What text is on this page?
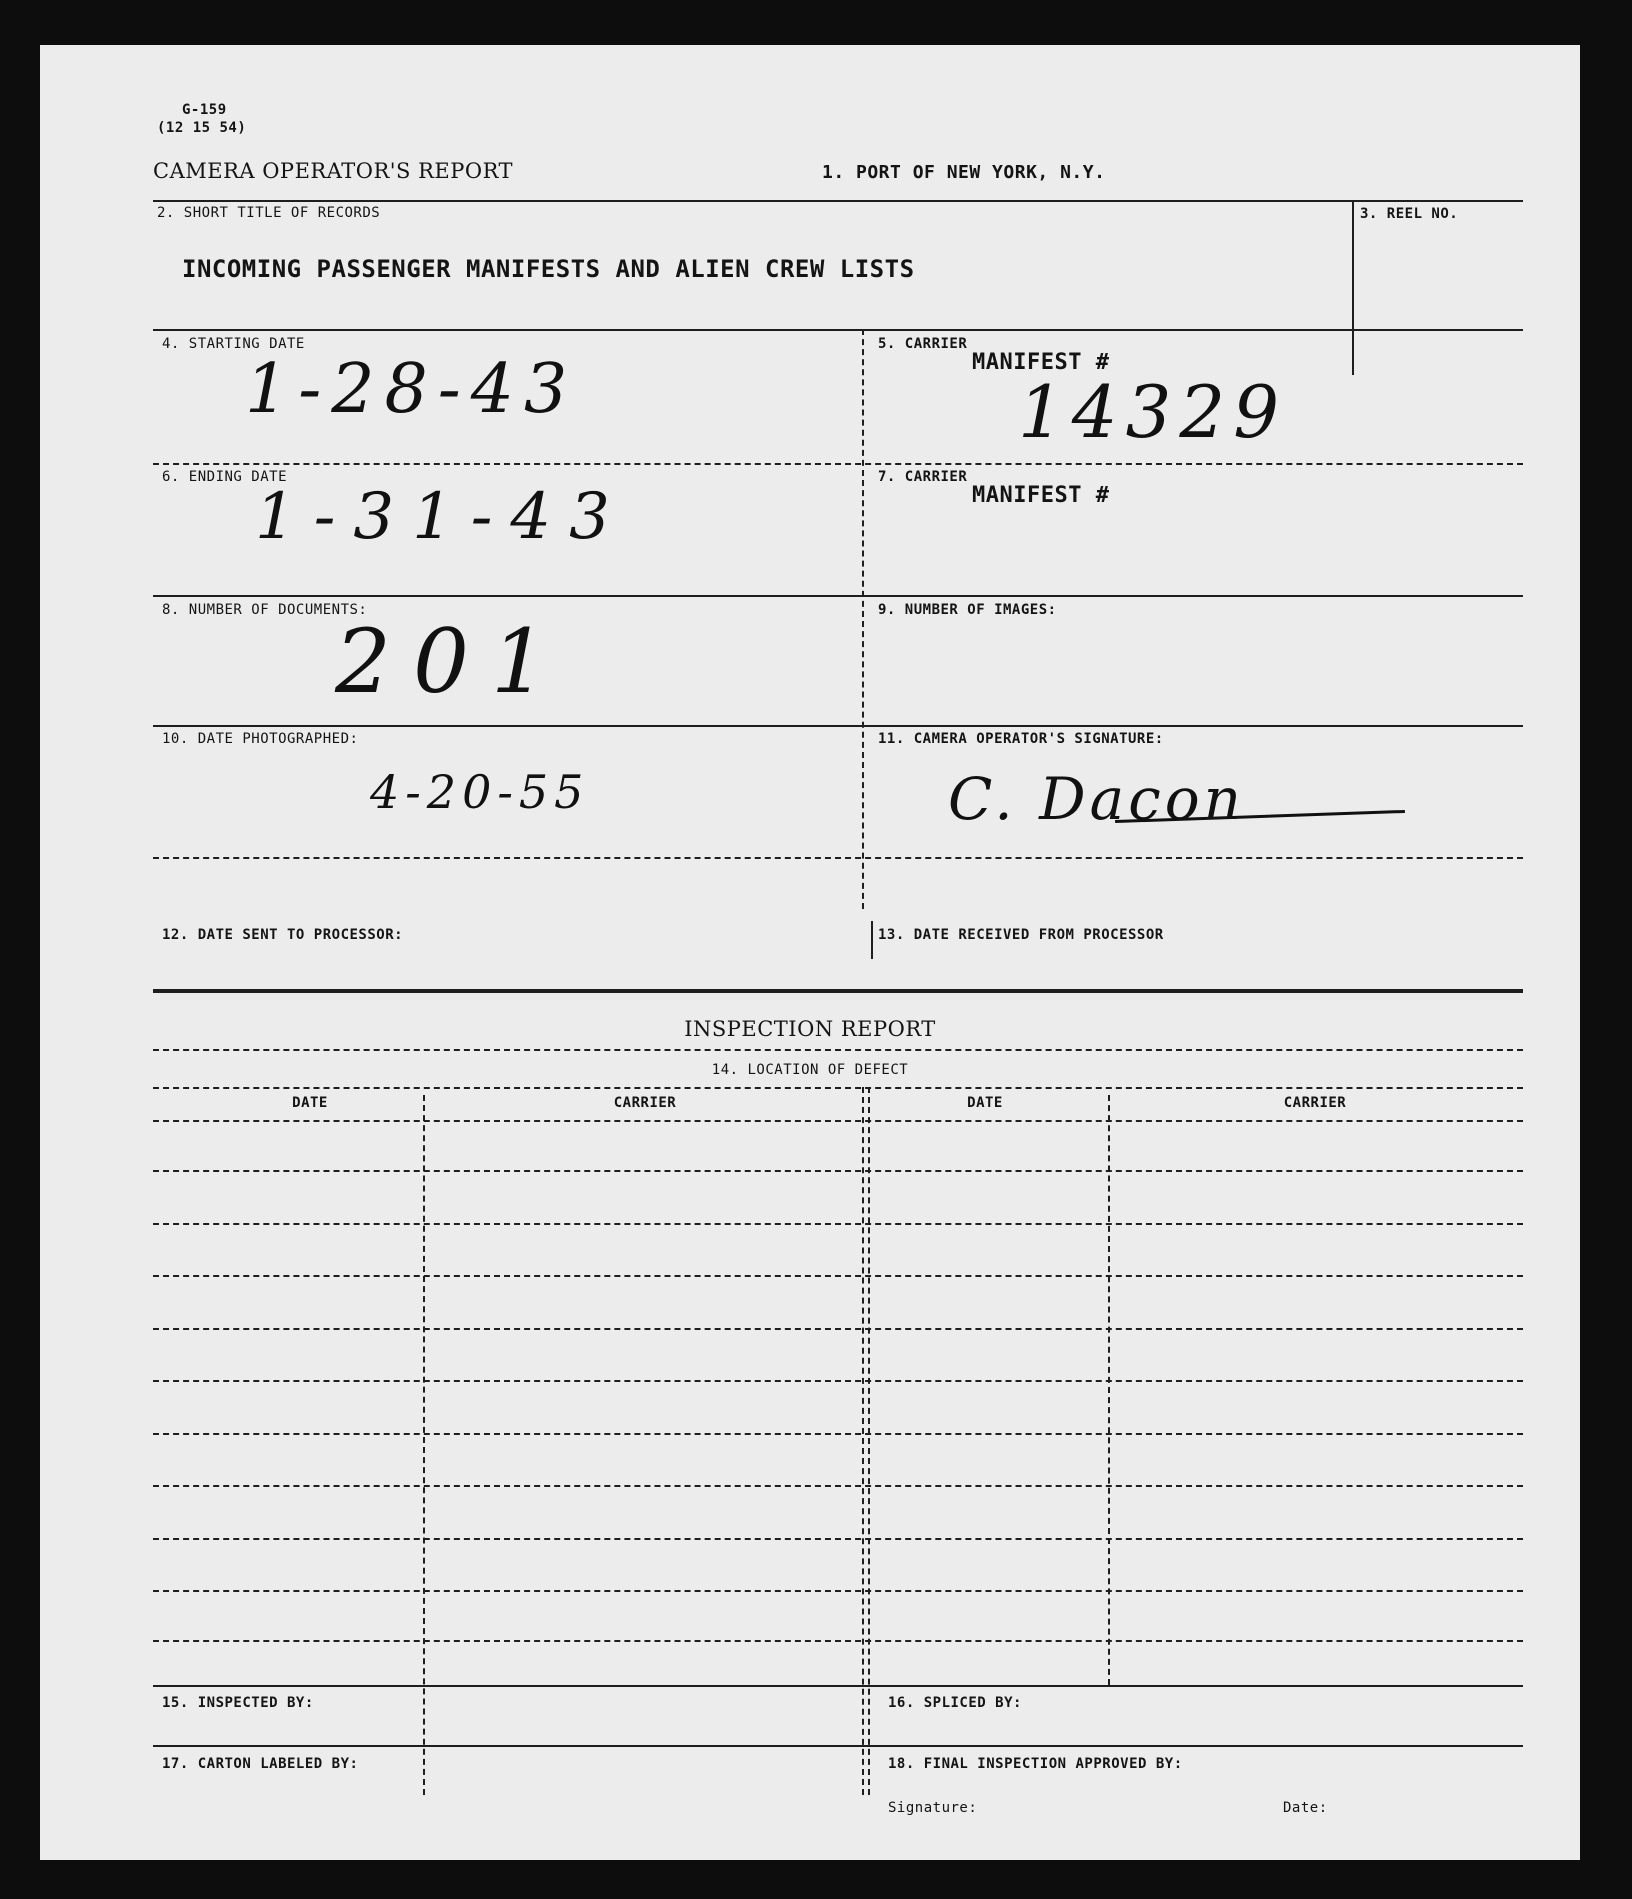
G-159
(12 15 54)
CAMERA OPERATOR'S REPORT	1. PORT OF NEW YORK, N.Y.
2. SHORT TITLE OF RECORDS
INCOMING PASSENGER MANIFESTS AND ALIEN CREW LISTS
3. REEL NO.
4. STARTING DATE
1-28-43
5. CARRIER
MANIFEST #
14329
6. ENDING DATE
1-31-43
7. CARRIER
MANIFEST #
8. NUMBER OF DOCUMENTS:
201	9. NUMBER OF IMAGES:
10. DATE PHOTOGRAPHED:
4-20-55
11. CAMERA OPERATOR'S SIGNATURE:
C. Dacon
12. DATE SENT TO PROCESSOR:	13. DATE RECEIVED FROM PROCESSOR
INSPECTION REPORT
14. LOCATION OF DEFECT
DATE	CARRIER	DATE	CARRIER
15. INSPECTED BY:	16. SPLICED BY:
17. CARTON LABELED BY:	18. FINAL INSPECTION APPROVED BY:
Signature:	Date:
